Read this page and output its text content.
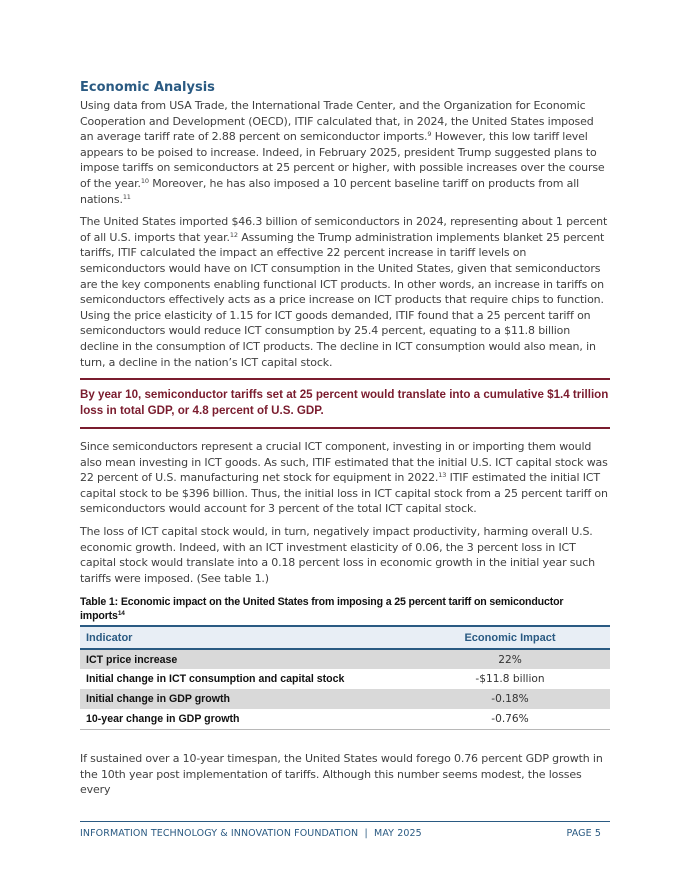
Economic Analysis

Using data from USA Trade, the International Trade Center, and the Organization for Economic Cooperation and Development (OECD), ITIF calculated that, in 2024, the United States imposed an average tariff rate of 2.88 percent on semiconductor imports.$^9$ However, this low tariff level appears to be poised to increase. Indeed, in February 2025, president Trump suggested plans to impose tariffs on semiconductors at 25 percent or higher, with possible increases over the course of the year.$^{10}$ Moreover, he has also imposed a 10 percent baseline tariff on products from all nations.$^{11}$

The United States imported $46.3 billion of semiconductors in 2024, representing about 1 percent of all U.S. imports that year.$^{12}$ Assuming the Trump administration implements blanket 25 percent tariffs, ITIF calculated the impact an effective 22 percent increase in tariff levels on semiconductors would have on ICT consumption in the United States, given that semiconductors are the key components enabling functional ICT products. In other words, an increase in tariffs on semiconductors effectively acts as a price increase on ICT products that require chips to function. Using the price elasticity of 1.15 for ICT goods demanded, ITIF found that a 25 percent tariff on semiconductors would reduce ICT consumption by 25.4 percent, equating to a $11.8 billion decline in the consumption of ICT products. The decline in ICT consumption would also mean, in turn, a decline in the nation’s ICT capital stock.

By year 10, semiconductor tariffs set at 25 percent would translate into a cumulative $1.4 trillion loss in total GDP, or 4.8 percent of U.S. GDP.

Since semiconductors represent a crucial ICT component, investing in or importing them would also mean investing in ICT goods. As such, ITIF estimated that the initial U.S. ICT capital stock was 22 percent of U.S. manufacturing net stock for equipment in 2022.13 ITIF estimated the initial ICT capital stock to be $396 billion. Thus, the initial loss in ICT capital stock from a 25 percent tariff on semiconductors would account for 3 percent of the total ICT capital stock.

The loss of ICT capital stock would, in turn, negatively impact productivity, harming overall U.S. economic growth. Indeed, with an ICT investment elasticity of 0.06, the 3 percent loss in ICT capital stock would translate into a 0.18 percent loss in economic growth in the initial year such tariffs were imposed. (See table 1.)

Table 1: Economic impact on the United States from imposing a 25 percent tariff on semiconductor imports$^{14}$
Indicator	Economic Impact
ICT price increase	22%
Initial change in ICT consumption and capital stock	-$11.8 billion
Initial change in GDP growth	-0.18%
10-year change in GDP growth	-0.76%

If sustained over a 10-year timespan, the United States would forego 0.76 percent GDP growth in the 10th year post implementation of tariffs. Although this number seems modest, the losses every

INFORMATION TECHNOLOGY & INNOVATION FOUNDATION  |  MAY 2025	PAGE 5
